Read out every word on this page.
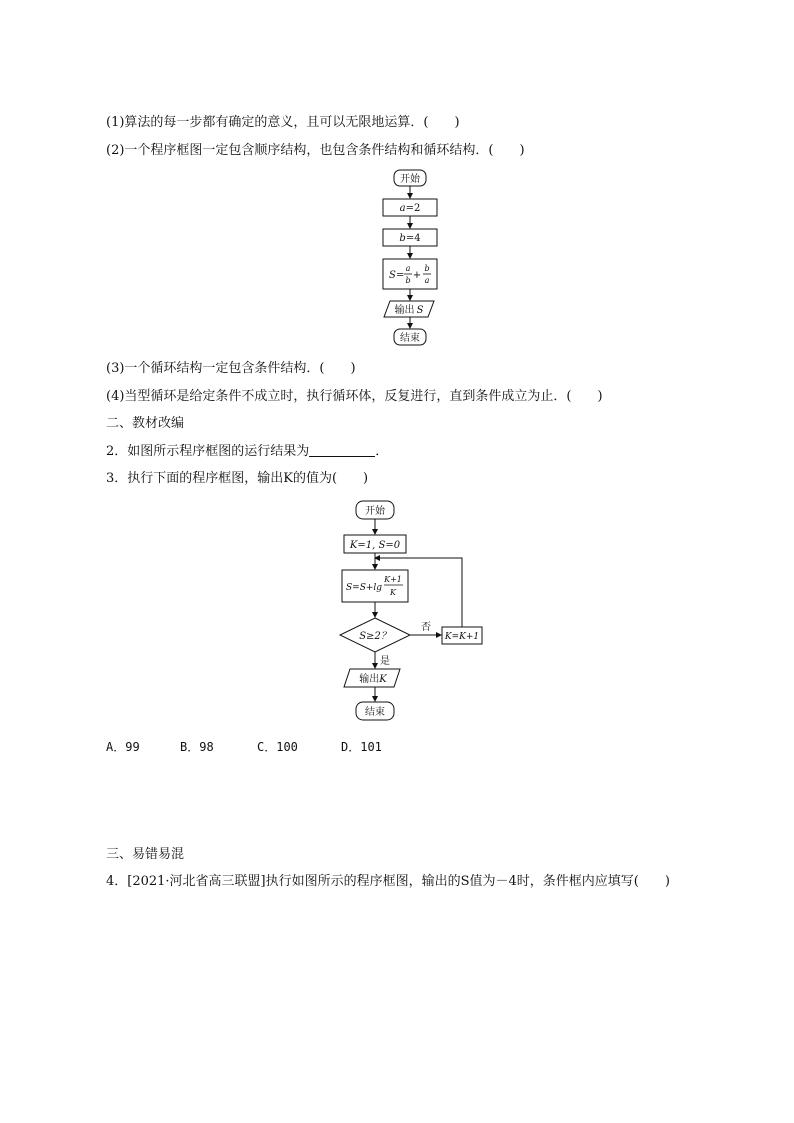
(1)算法的每一步都有确定的意义，且可以无限地运算．(　　)
(2)一个程序框图一定包含顺序结构，也包含条件结构和循环结构．(　　)
开始
a=2
b=4
S =
a
b +
b
a
输出 S
结束
(3)一个循环结构一定包含条件结构．(　　)
(4)当型循环是给定条件不成立时，执行循环体，反复进行，直到条件成立为止．(　　)
二、教材改编
2．如图所示程序框图的运行结果为	．
3．执行下面的程序框图，输出K的值为(　　)
开始
K=1, S=0
S=S+lg
K+1
K
S≥2？
否
K=K+1
是
输出K
结束
A．99	B．98	C．100	D．101
三、易错易混
4．[2021·河北省高三联盟]执行如图所示的程序框图，输出的S值为－4时，条件框内应填写(　　)
